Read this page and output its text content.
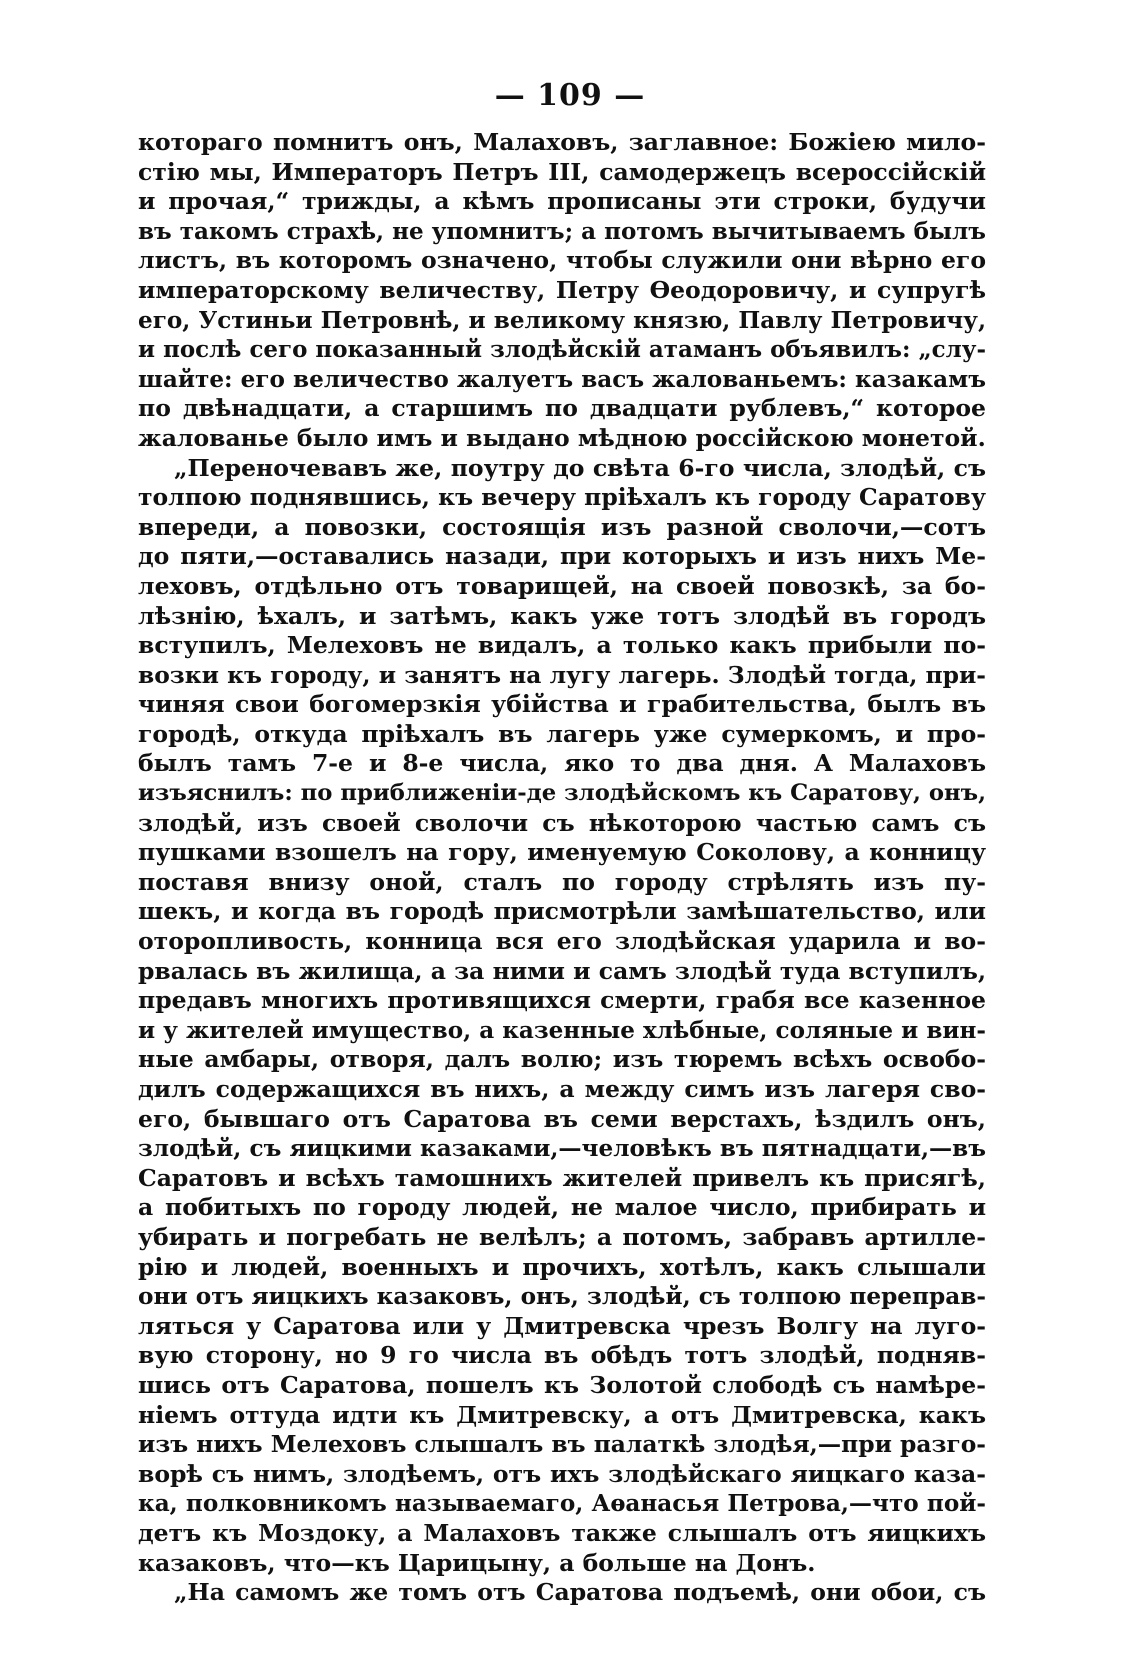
— 109 —
котораго помнитъ онъ, Малаховъ, заглавное: Божiею мило-
стiю мы, Императоръ Петръ III, самодержецъ всероссiйскiй
и прочая,“ трижды, а кѣмъ прописаны эти строки, будучи
въ такомъ страхѣ, не упомнитъ; а потомъ вычитываемъ былъ
листъ, въ которомъ означено, чтобы служили они вѣрно его
императорскому величеству, Петру Ѳеодоровичу, и супругѣ
его, Устиньи Петровнѣ, и великому князю, Павлу Петровичу,
и послѣ сего показанный злодѣйскiй атаманъ объявилъ: „слу-
шайте: его величество жалуетъ васъ жалованьемъ: казакамъ
по двѣнадцати, а старшимъ по двадцати рублевъ,“ которое
жалованье было имъ и выдано мѣдною россiйскою монетой.
„Переночевавъ же, поутру до свѣта 6-го числа, злодѣй, съ
толпою поднявшись, къ вечеру прiѣхалъ къ городу Саратову
впереди, а повозки, состоящiя изъ разной сволочи,—сотъ
до пяти,—оставались назади, при которыхъ и изъ нихъ Ме-
леховъ, отдѣльно отъ товарищей, на своей повозкѣ, за бо-
лѣзнiю, ѣхалъ, и затѣмъ, какъ уже тотъ злодѣй въ городъ
вступилъ, Мелеховъ не видалъ, а только какъ прибыли по-
возки къ городу, и занятъ на лугу лагерь. Злодѣй тогда, при-
чиняя свои богомерзкiя убiйства и грабительства, былъ въ
городѣ, откуда прiѣхалъ въ лагерь уже сумеркомъ, и про-
былъ тамъ 7-е и 8-е числа, яко то два дня. А Малаховъ
изъяснилъ: по приближенiи-де злодѣйскомъ къ Саратову, онъ,
злодѣй, изъ своей сволочи съ нѣкоторою частью самъ съ
пушками взошелъ на гору, именуемую Соколову, а конницу
поставя внизу оной, сталъ по городу стрѣлять изъ пу-
шекъ, и когда въ городѣ присмотрѣли замѣшательство, или
оторопливость, конница вся его злодѣйская ударила и во-
рвалась въ жилища, а за ними и самъ злодѣй туда вступилъ,
предавъ многихъ противящихся смерти, грабя все казенное
и у жителей имущество, а казенные хлѣбные, соляные и вин-
ные амбары, отворя, далъ волю; изъ тюремъ всѣхъ освобо-
дилъ содержащихся въ нихъ, а между симъ изъ лагеря сво-
его, бывшаго отъ Саратова въ семи верстахъ, ѣздилъ онъ,
злодѣй, съ яицкими казаками,—человѣкъ въ пятнадцати,—въ
Саратовъ и всѣхъ тамошнихъ жителей привелъ къ присягѣ,
а побитыхъ по городу людей, не малое число, прибирать и
убирать и погребать не велѣлъ; а потомъ, забравъ артилле-
рiю и людей, военныхъ и прочихъ, хотѣлъ, какъ слышали
они отъ яицкихъ казаковъ, онъ, злодѣй, съ толпою переправ-
ляться у Саратова или у Дмитревска чрезъ Волгу на луго-
вую сторону, но 9 го числа въ обѣдъ тотъ злодѣй, подняв-
шись отъ Саратова, пошелъ къ Золотой слободѣ съ намѣре-
нiемъ оттуда идти къ Дмитревску, а отъ Дмитревска, какъ
изъ нихъ Мелеховъ слышалъ въ палаткѣ злодѣя,—при разго-
ворѣ съ нимъ, злодѣемъ, отъ ихъ злодѣйскаго яицкаго каза-
ка, полковникомъ называемаго, Аѳанасья Петрова,—что пой-
детъ къ Моздоку, а Малаховъ также слышалъ отъ яицкихъ
казаковъ, что—къ Царицыну, а больше на Донъ.
„На самомъ же томъ отъ Саратова подъемѣ, они обои, съ
